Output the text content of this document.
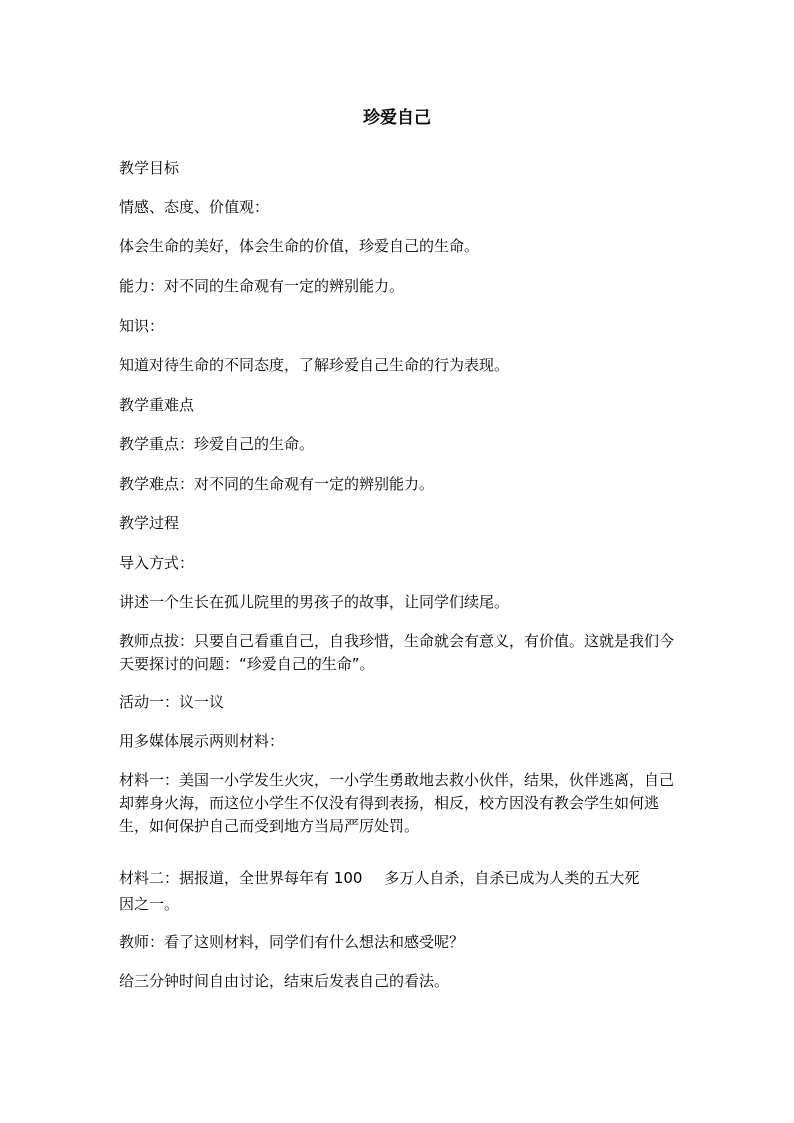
珍爱自己

教学目标

情感、态度、价值观：

体会生命的美好，体会生命的价值，珍爱自己的生命。

能力：对不同的生命观有一定的辨别能力。

知识：

知道对待生命的不同态度，了解珍爱自己生命的行为表现。

教学重难点

教学重点：珍爱自己的生命。

教学难点：对不同的生命观有一定的辨别能力。

教学过程

导入方式：

讲述一个生长在孤儿院里的男孩子的故事，让同学们续尾。

教师点拔：只要自己看重自己，自我珍惜，生命就会有意义，有价值。这就是我们今天要探讨的问题：“珍爱自己的生命”。

活动一：议一议

用多媒体展示两则材料：

材料一：美国一小学发生火灾，一小学生勇敢地去救小伙伴，结果，伙伴逃离，自己却葬身火海，而这位小学生不仅没有得到表扬，相反，校方因没有教会学生如何逃生，如何保护自己而受到地方当局严厉处罚。

材料二：据报道，全世界每年有 100 多万人自杀，自杀已成为人类的五大死

因之一。

教师：看了这则材料，同学们有什么想法和感受呢？

给三分钟时间自由讨论，结束后发表自己的看法。
